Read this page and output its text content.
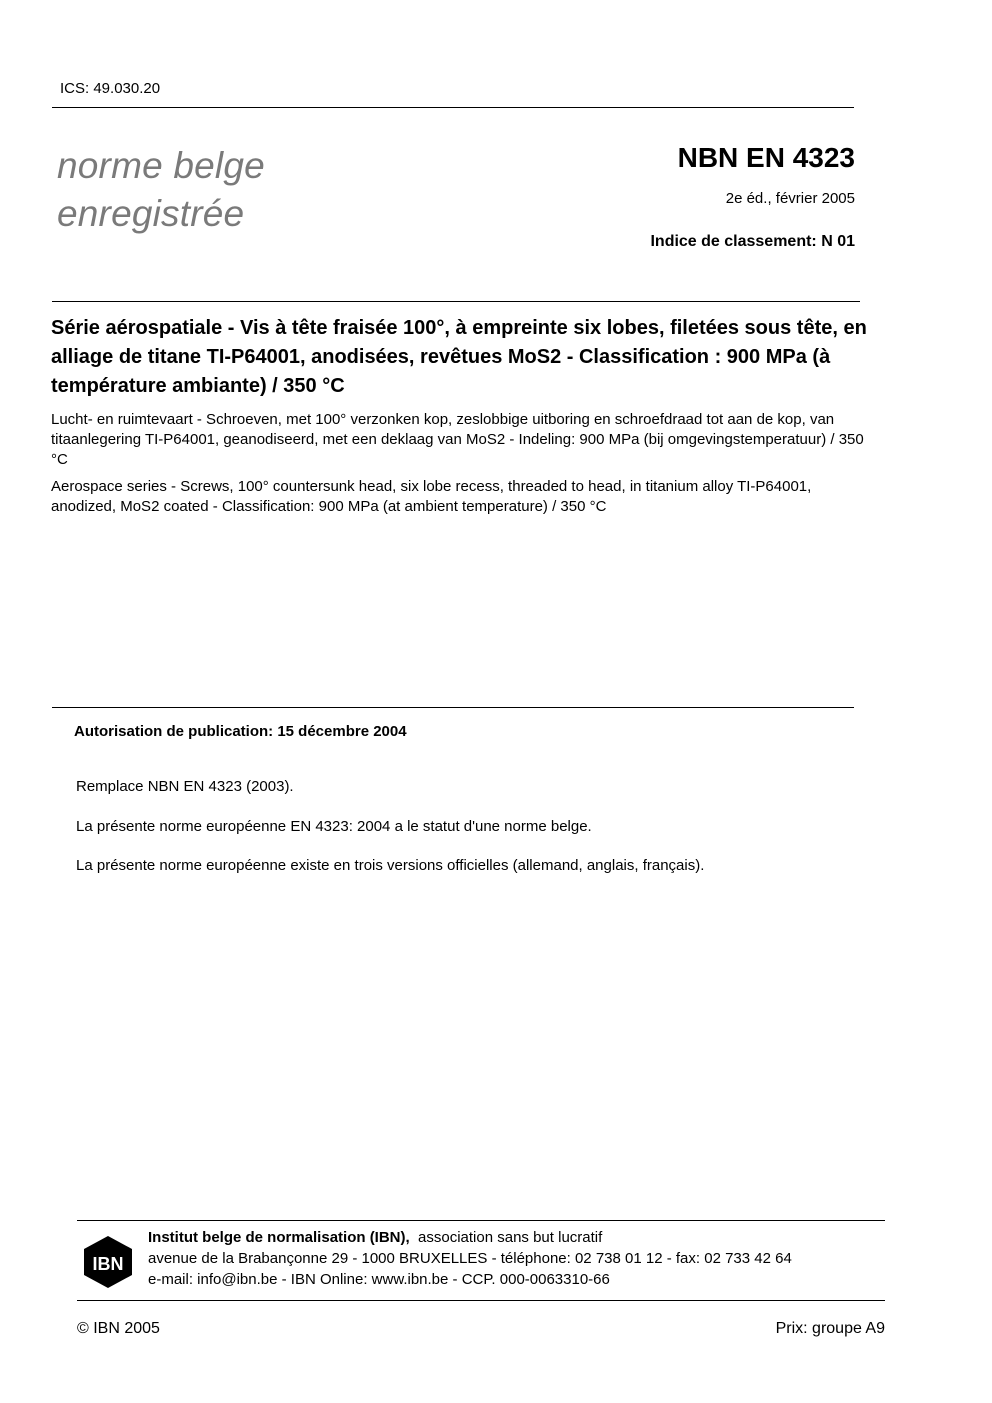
ICS: 49.030.20
norme belge
enregistrée
NBN EN 4323
2e éd., février 2005
Indice de classement: N 01
Série aérospatiale - Vis à tête fraisée 100°, à empreinte six lobes, filetées sous tête, en alliage de titane TI-P64001, anodisées, revêtues MoS2 - Classification : 900 MPa (à température ambiante) / 350 °C
Lucht- en ruimtevaart - Schroeven, met 100° verzonken kop, zeslobbige uitboring en schroefdraad tot aan de kop, van titaanlegering TI-P64001, geanodiseerd, met een deklaag van MoS2 - Indeling: 900 MPa (bij omgevingstemperatuur) / 350 °C
Aerospace series - Screws, 100° countersunk head, six lobe recess, threaded to head, in titanium alloy TI-P64001, anodized, MoS2 coated - Classification: 900 MPa (at ambient temperature) / 350 °C
Autorisation de publication: 15 décembre 2004
Remplace NBN EN 4323 (2003).
La présente norme européenne EN 4323: 2004 a le statut d'une norme belge.
La présente norme européenne existe en trois versions officielles (allemand, anglais, français).
IBN
Institut belge de normalisation (IBN), association sans but lucratif
avenue de la Brabançonne 29 - 1000 BRUXELLES - téléphone: 02 738 01 12 - fax: 02 733 42 64
e-mail: info@ibn.be - IBN Online: www.ibn.be - CCP. 000-0063310-66
© IBN 2005	Prix: groupe A9
